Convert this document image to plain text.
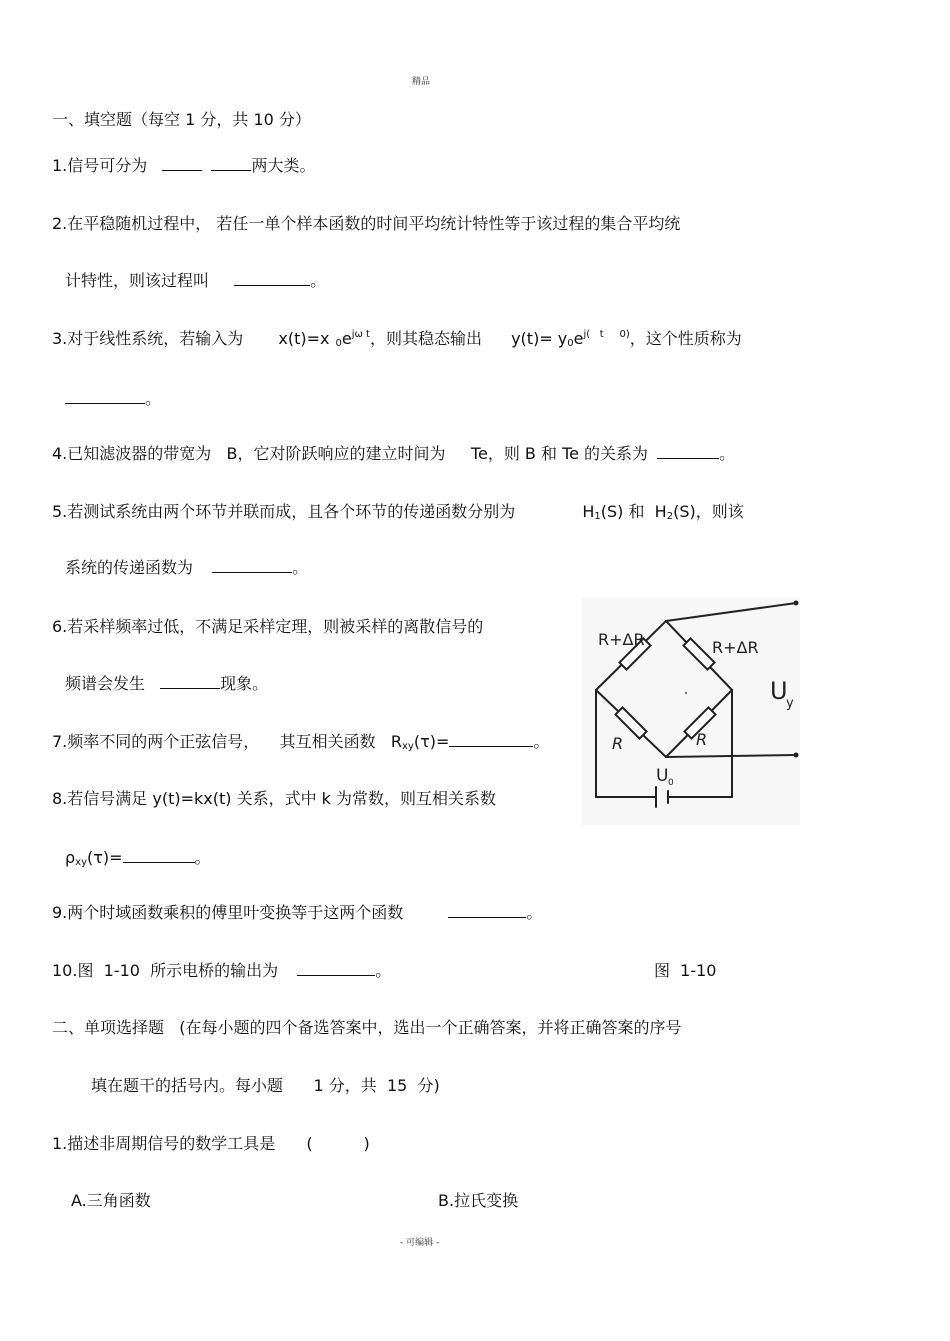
精品
- 可编辑 -
一、填空题（每空 1 分，共 10 分）
1.信号可分为	两大类。
2.在平稳随机过程中， 若任一单个样本函数的时间平均统计特性等于该过程的集合平均统
计特性，则该过程叫	。
3.对于线性系统，若输入为 x(t)=x $_0e^{j\omega t}$，则其稳态输出 $y(t)= y_0e^{j( t 0)}$，这个性质称为
。
4.已知滤波器的带宽为   B，它对阶跃响应的建立时间为     Te，则 B 和 Te 的关系为	。
5.若测试系统由两个环节并联而成，且各个环节的传递函数分别为	$H_1(S)$ 和  $H_2(S)$，则该
系统的传递函数为	。
6.若采样频率过低，不满足采样定理，则被采样的离散信号的
频谱会发生	现象。
7.频率不同的两个正弦信号，    其互相关函数   $R_{xy}(\tau)=$	。
8.若信号满足 y(t)=kx(t) 关系，式中 k 为常数，则互相关系数
$\rho_{xy}(\tau)=$	。
9.两个时域函数乘积的傅里叶变换等于这两个函数	。
10.图  1-10  所示电桥的输出为	。	图  1-10
R+ΔR	R+ΔR
R	R
U
y
U 0
二、单项选择题   (在每小题的四个备选答案中，选出一个正确答案，并将正确答案的序号
填在题干的括号内。每小题      1 分，共  15  分)
1.描述非周期信号的数学工具是 (          )
A.三角函数	B.拉氏变换
